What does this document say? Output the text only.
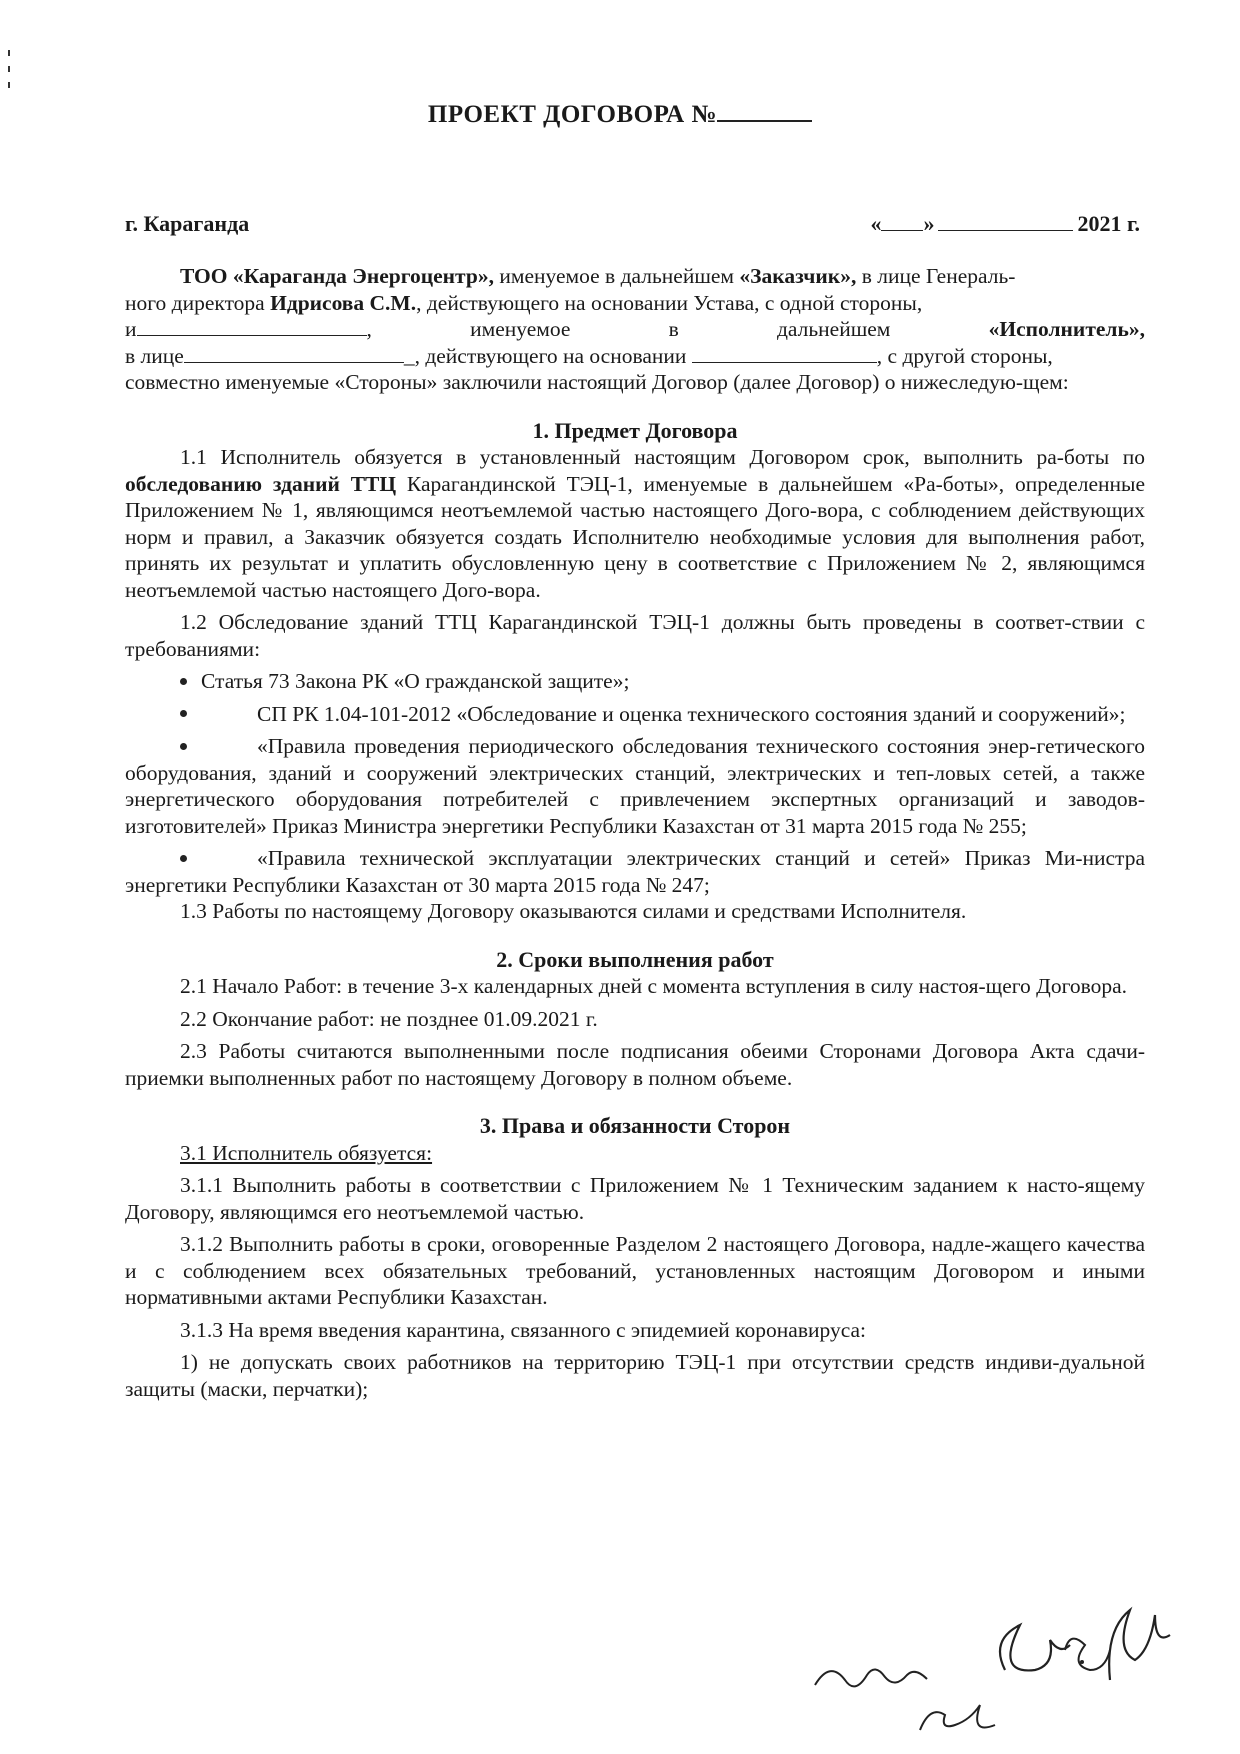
ПРОЕКТ ДОГОВОРА №
г. Караганда	« »	2021 г.

ТОО «Караганда Энергоцентр», именуемое в дальнейшем «Заказчик», в лице Генераль-

ного директора Идрисова С.М., действующего на основании Устава, с одной стороны,

и	,	именуемое	в	дальнейшем	«Исполнитель»,

в лице	_, действующего на основании	, с другой стороны,

совместно именуемые «Стороны» заключили настоящий Договор (далее Договор) о нижеследую-щем:

1. Предмет Договора

1.1 Исполнитель обязуется в установленный настоящим Договором срок, выполнить ра-боты по обследованию зданий ТТЦ Карагандинской ТЭЦ-1, именуемые в дальнейшем «Ра-боты», определенные Приложением № 1, являющимся неотъемлемой частью настоящего Дого-вора, с соблюдением действующих норм и правил, а Заказчик обязуется создать Исполнителю необходимые условия для выполнения работ, принять их результат и уплатить обусловленную цену в соответствие с Приложением № 2, являющимся неотъемлемой частью настоящего Дого-вора.

1.2 Обследование зданий ТТЦ Карагандинской ТЭЦ-1 должны быть проведены в соответ-ствии с требованиями:

Статья 73 Закона РК «О гражданской защите»;

СП РК 1.04-101-2012 «Обследование и оценка технического состояния зданий и сооружений»;

«Правила проведения периодического обследования технического состояния энер-гетического оборудования, зданий и сооружений электрических станций, электрических и теп-ловых сетей, а также энергетического оборудования потребителей с привлечением экспертных организаций и заводов-изготовителей» Приказ Министра энергетики Республики Казахстан от 31 марта 2015 года № 255;

«Правила технической эксплуатации электрических станций и сетей» Приказ Ми-нистра энергетики Республики Казахстан от 30 марта 2015 года № 247;

1.3 Работы по настоящему Договору оказываются силами и средствами Исполнителя.

2. Сроки выполнения работ

2.1 Начало Работ: в течение 3-х календарных дней с момента вступления в силу настоя-щего Договора.

2.2 Окончание работ: не позднее 01.09.2021 г.

2.3 Работы считаются выполненными после подписания обеими Сторонами Договора Акта сдачи-приемки выполненных работ по настоящему Договору в полном объеме.

3. Права и обязанности Сторон

3.1 Исполнитель обязуется:

3.1.1 Выполнить работы в соответствии с Приложением № 1 Техническим заданием к насто-ящему Договору, являющимся его неотъемлемой частью.

3.1.2 Выполнить работы в сроки, оговоренные Разделом 2 настоящего Договора, надле-жащего качества и с соблюдением всех обязательных требований, установленных настоящим Договором и иными нормативными актами Республики Казахстан.

3.1.3 На время введения карантина, связанного с эпидемией коронавируса:

1) не допускать своих работников на территорию ТЭЦ-1 при отсутствии средств индиви-дуальной защиты (маски, перчатки);
